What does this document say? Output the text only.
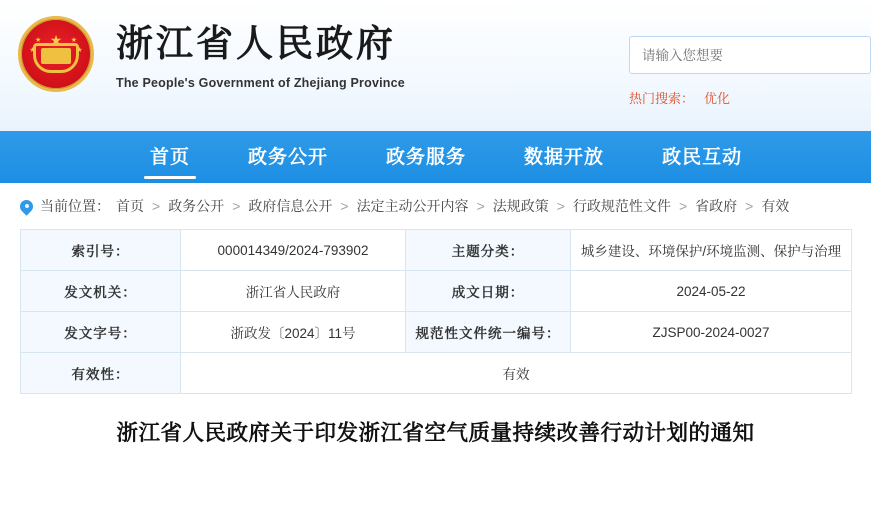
★
★
★
★
★ 浙江省人民政府
The People's Government of Zhejiang Province
请输入您想要
热门搜索： 优化
首页	政务公开	政务服务	数据开放	政民互动
当前位置： 首页 > 政务公开 > 政府信息公开 > 法定主动公开内容 > 法规政策 > 行政规范性文件 > 省政府 > 有效
索引号：	000014349/2024-793902	主题分类：	城乡建设、环境保护/环境监测、保护与治理
发文机关：	浙江省人民政府	成文日期：	2024-05-22
发文字号：	浙政发〔2024〕11号	规范性文件统一编号：	ZJSP00-2024-0027
有效性：	有效		
浙江省人民政府关于印发浙江省空气质量持续改善行动计划的通知
